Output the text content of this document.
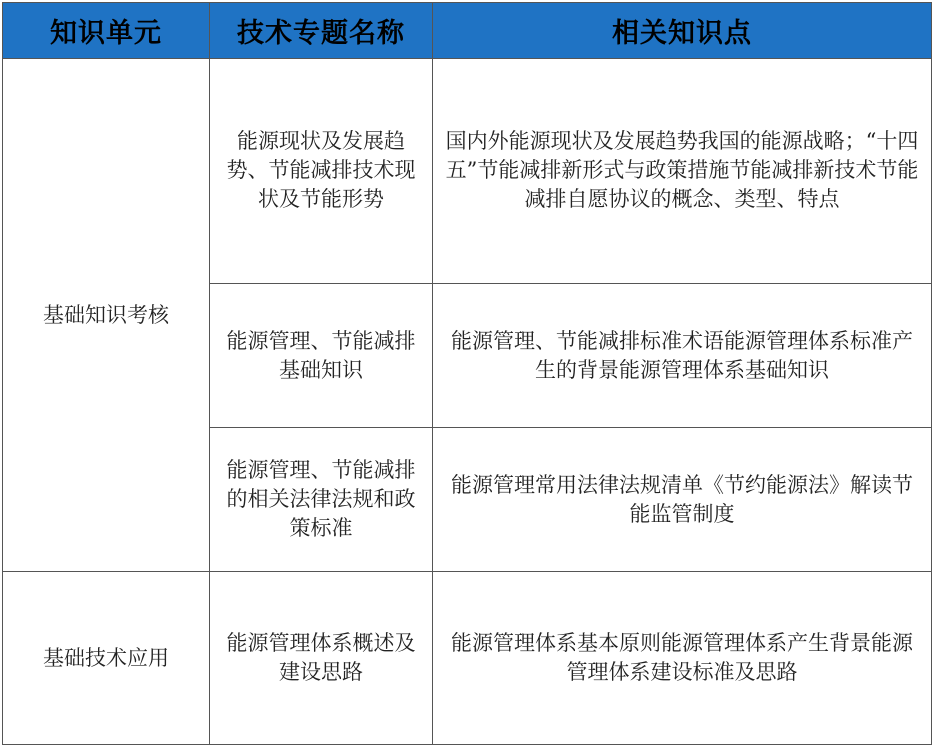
知识单元	技术专题名称	相关知识点
基础知识考核	能源现状及发展趋势、节能减排技术现状及节能形势	国内外能源现状及发展趋势我国的能源战略；“十四五”节能减排新形式与政策措施节能减排新技术节能减排自愿协议的概念、类型、特点
	能源管理、节能减排基础知识	能源管理、节能减排标准术语能源管理体系标准产生的背景能源管理体系基础知识
	能源管理、节能减排的相关法律法规和政策标准	能源管理常用法律法规清单《节约能源法》解读节能监管制度
基础技术应用	能源管理体系概述及建设思路	能源管理体系基本原则能源管理体系产生背景能源管理体系建设标准及思路
